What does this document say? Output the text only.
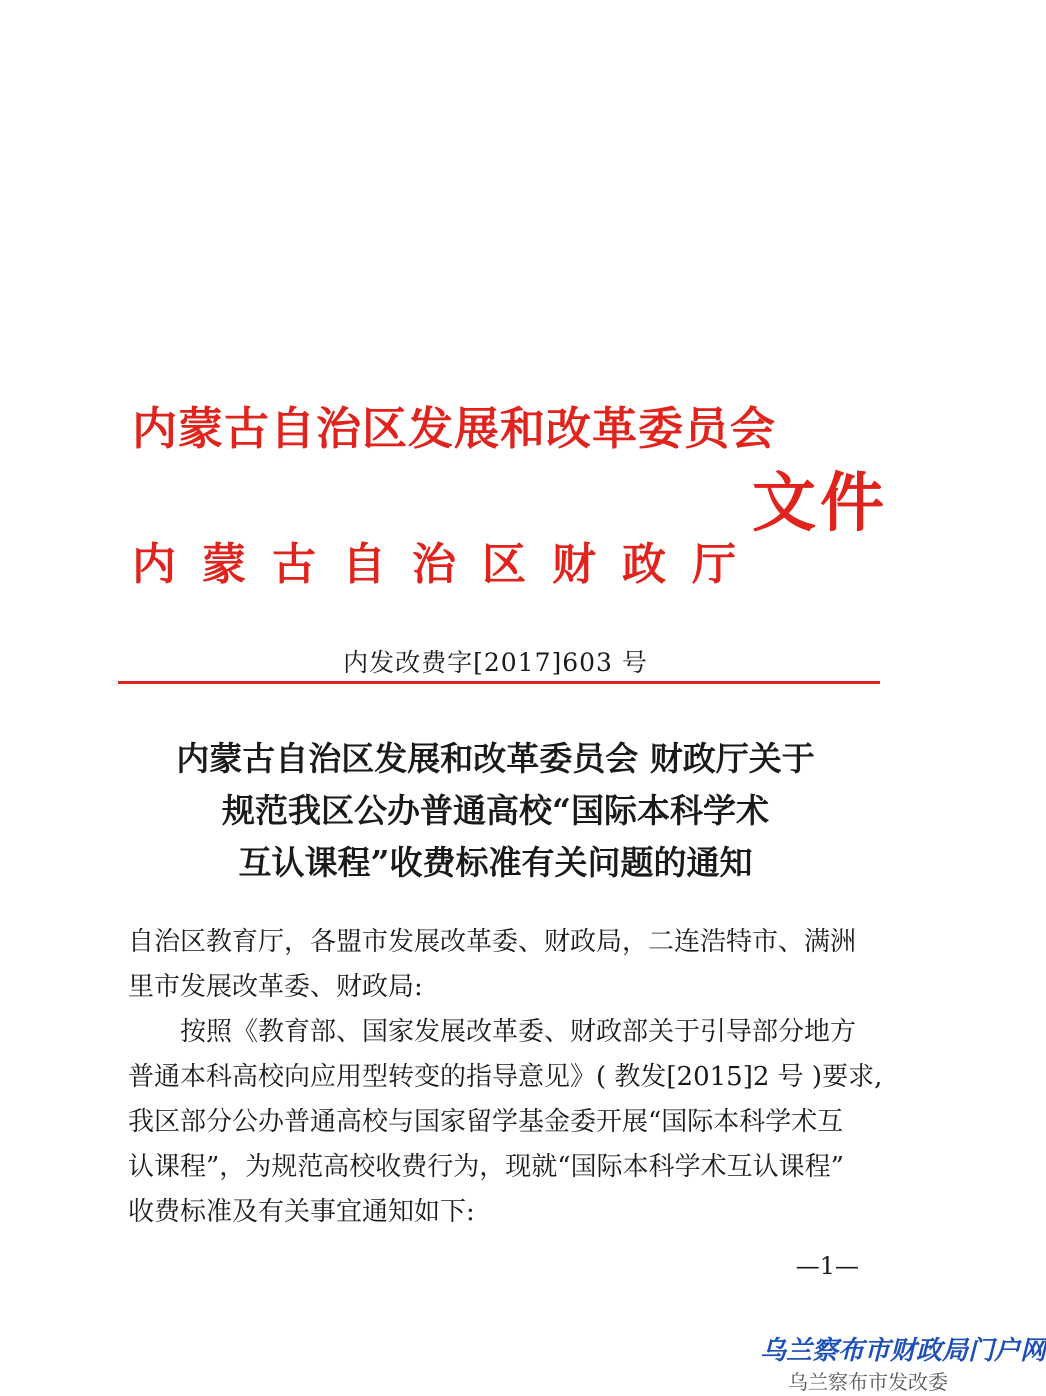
内蒙古自治区发展和改革委员会
文件
内蒙古自治区财政厅
内发改费字[2017]603 号
内蒙古自治区发展和改革委员会 财政厅关于
规范我区公办普通高校“国际本科学术
互认课程”收费标准有关问题的通知

自治区教育厅，各盟市发展改革委、财政局，二连浩特市、满洲

里市发展改革委、财政局:

按照《教育部、国家发展改革委、财政部关于引导部分地方

普通本科高校向应用型转变的指导意见》( 教发[2015]2 号 )要求,

我区部分公办普通高校与国家留学基金委开展“国际本科学术互

认课程”，为规范高校收费行为，现就“国际本科学术互认课程”

收费标准及有关事宜通知如下:

—1—
乌兰察布市财政局门户网
乌兰察布市发改委
